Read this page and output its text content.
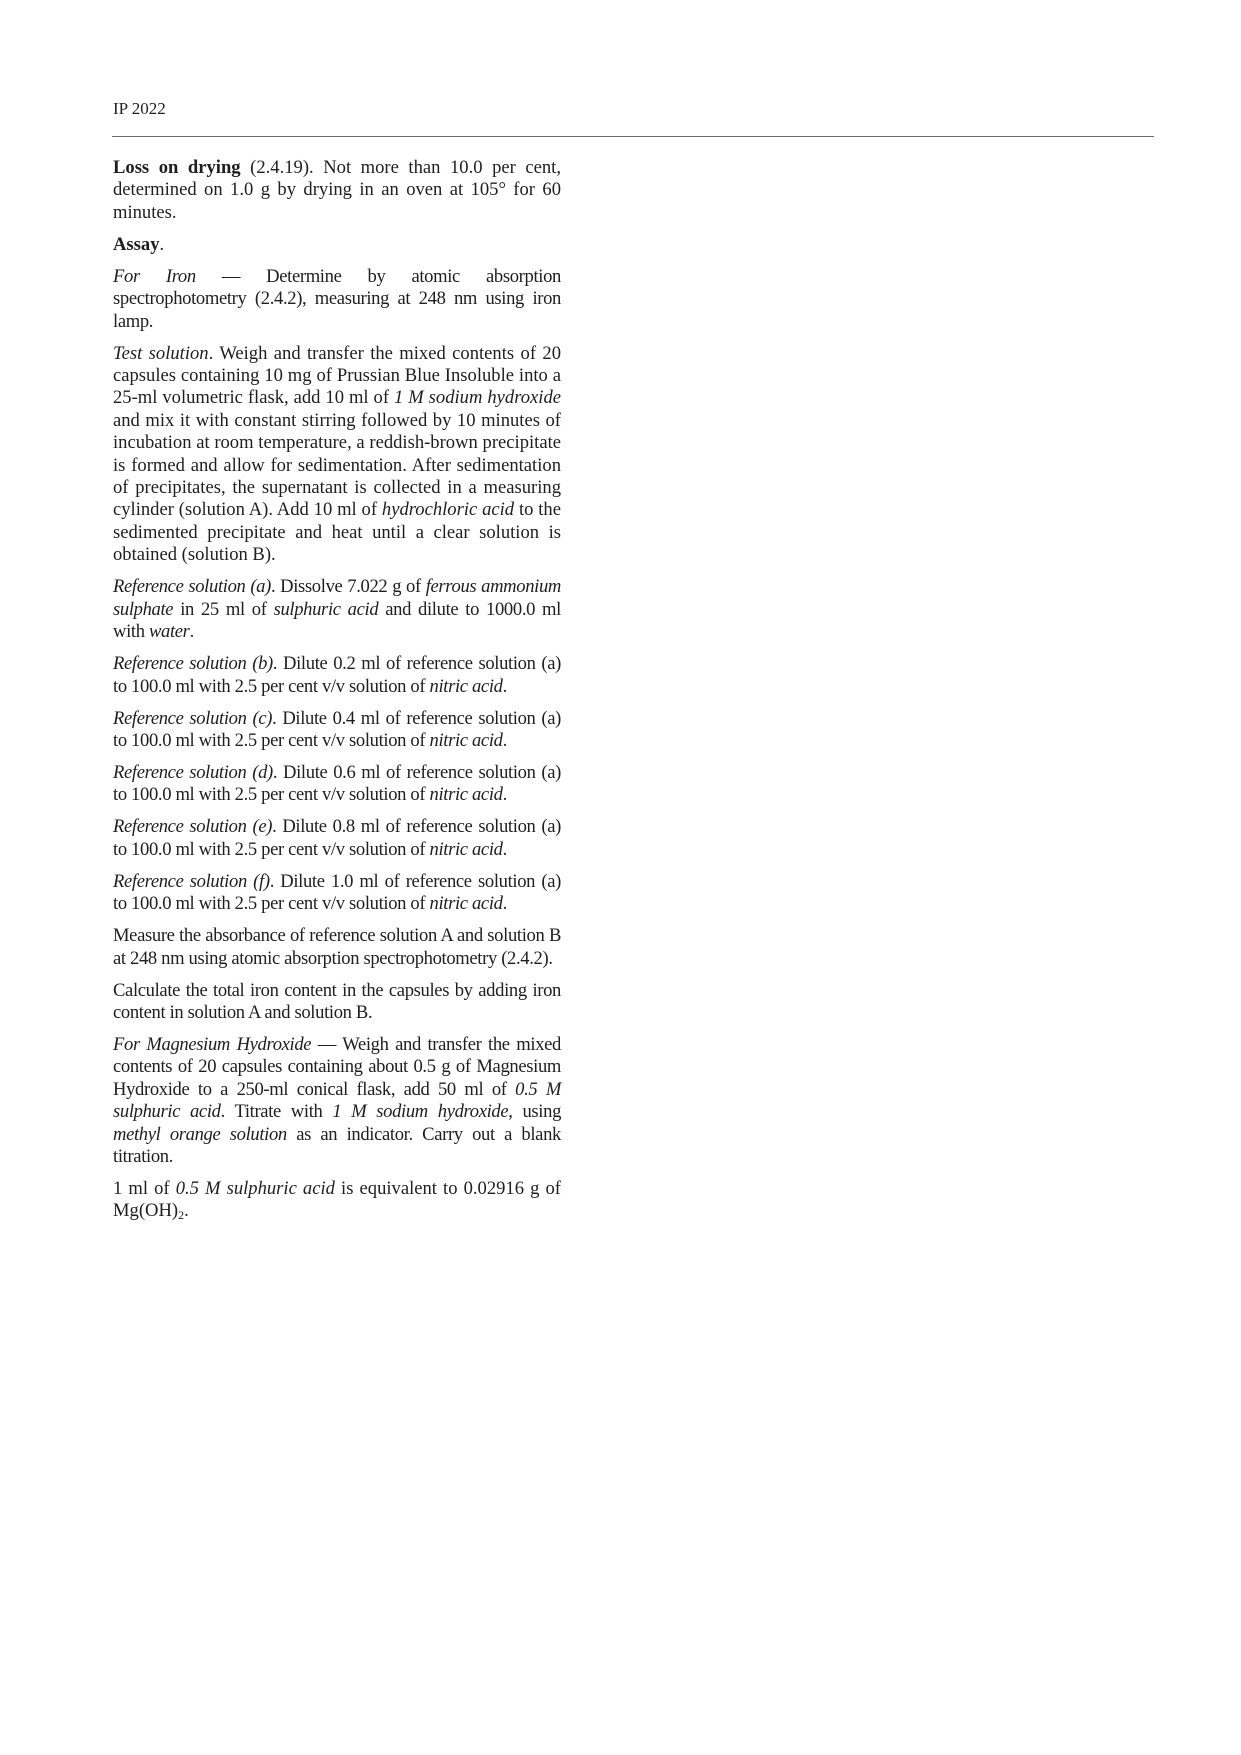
IP 2022

Loss on drying (2.4.19). Not more than 10.0 per cent, determined on 1.0 g by drying in an oven at 105° for 60 minutes.

Assay.

For Iron — Determine by atomic absorption spectrophotometry (2.4.2), measuring at 248 nm using iron lamp.

Test solution. Weigh and transfer the mixed contents of 20 capsules containing 10 mg of Prussian Blue Insoluble into a 25-ml volumetric flask, add 10 ml of 1 M sodium hydroxide and mix it with constant stirring followed by 10 minutes of incubation at room temperature, a reddish-brown precipitate is formed and allow for sedimentation. After sedimentation of precipitates, the supernatant is collected in a measuring cylinder (solution A). Add 10 ml of hydrochloric acid to the sedimented precipitate and heat until a clear solution is obtained (solution B).

Reference solution (a). Dissolve 7.022 g of ferrous ammonium sulphate in 25 ml of sulphuric acid and dilute to 1000.0 ml with water.

Reference solution (b). Dilute 0.2 ml of reference solution (a) to 100.0 ml with 2.5 per cent v/v solution of nitric acid.

Reference solution (c). Dilute 0.4 ml of reference solution (a) to 100.0 ml with 2.5 per cent v/v solution of nitric acid.

Reference solution (d). Dilute 0.6 ml of reference solution (a) to 100.0 ml with 2.5 per cent v/v solution of nitric acid.

Reference solution (e). Dilute 0.8 ml of reference solution (a) to 100.0 ml with 2.5 per cent v/v solution of nitric acid.

Reference solution (f). Dilute 1.0 ml of reference solution (a) to 100.0 ml with 2.5 per cent v/v solution of nitric acid.

Measure the absorbance of reference solution A and solution B at 248 nm using atomic absorption spectrophotometry (2.4.2).

Calculate the total iron content in the capsules by adding iron content in solution A and solution B.

For Magnesium Hydroxide — Weigh and transfer the mixed contents of 20 capsules containing about 0.5 g of Magnesium Hydroxide to a 250-ml conical flask, add 50 ml of 0.5 M sulphuric acid. Titrate with 1 M sodium hydroxide, using methyl orange solution as an indicator. Carry out a blank titration.

1 ml of 0.5 M sulphuric acid is equivalent to 0.02916 g of $Mg(OH)_2$.
